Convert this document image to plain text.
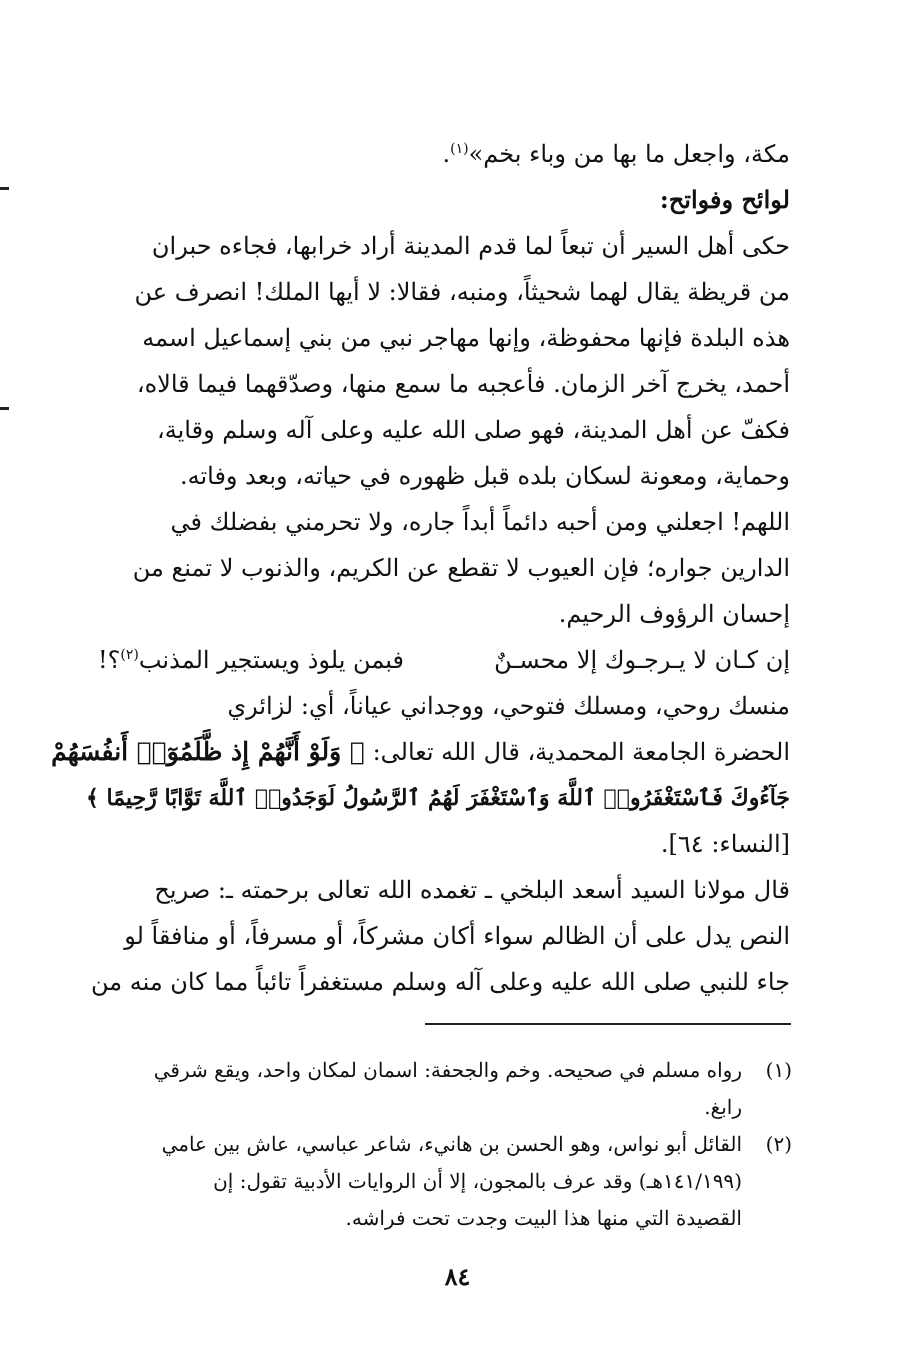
مكة، واجعل ما بها من وباء بخم»$^{(١)}$.
لوائح وفواتح:
حكى أهل السير أن تبعاً لما قدم المدينة أراد خرابها، فجاءه حبران
من قريظة يقال لهما شحيثاً، ومنبه، فقالا: لا أيها الملك! انصرف عن
هذه البلدة فإنها محفوظة، وإنها مهاجر نبي من بني إسماعيل اسمه
أحمد، يخرج آخر الزمان. فأعجبه ما سمع منها، وصدّقهما فيما قالاه،
فكفّ عن أهل المدينة، فهو صلى الله عليه وعلى آله وسلم وقاية،
وحماية، ومعونة لسكان بلده قبل ظهوره في حياته، وبعد وفاته.
اللهم! اجعلني ومن أحبه دائماً أبداً جاره، ولا تحرمني بفضلك في
الدارين جواره؛ فإن العيوب لا تقطع عن الكريم، والذنوب لا تمنع من
إحسان الرؤوف الرحيم.
إن كـان لا يـرجـوك إلا محسـنٌ
فبمن يلوذ ويستجير المذنب$^{(٢)}$؟!
منسك روحي، ومسلك فتوحي، ووجداني عياناً، أي: لزائري
الحضرة الجامعة المحمدية، قال الله تعالى: ﴿ وَلَوْ أَنَّهُمْ إِذ ظَّلَمُوٓا۟ أَنفُسَهُمْ
جَآءُوكَ فَٱسْتَغْفَرُوا۟ ٱللَّهَ وَٱسْتَغْفَرَ لَهُمُ ٱلرَّسُولُ لَوَجَدُوا۟ ٱللَّهَ تَوَّابًا رَّحِيمًا ﴾
[النساء: ٦٤].
قال مولانا السيد أسعد البلخي ـ تغمده الله تعالى برحمته ـ: صريح
النص يدل على أن الظالم سواء أكان مشركاً، أو مسرفاً، أو منافقاً لو
جاء للنبي صلى الله عليه وعلى آله وسلم مستغفراً تائباً مما كان منه من
(١)
رواه مسلم في صحيحه. وخم والجحفة: اسمان لمكان واحد، ويقع شرقي
رابغ.
(٢)
القائل أبو نواس، وهو الحسن بن هانيء، شاعر عباسي، عاش بين عامي
(١٤١/١٩٩هـ) وقد عرف بالمجون، إلا أن الروايات الأدبية تقول: إن
القصيدة التي منها هذا البيت وجدت تحت فراشه.
٨٤
